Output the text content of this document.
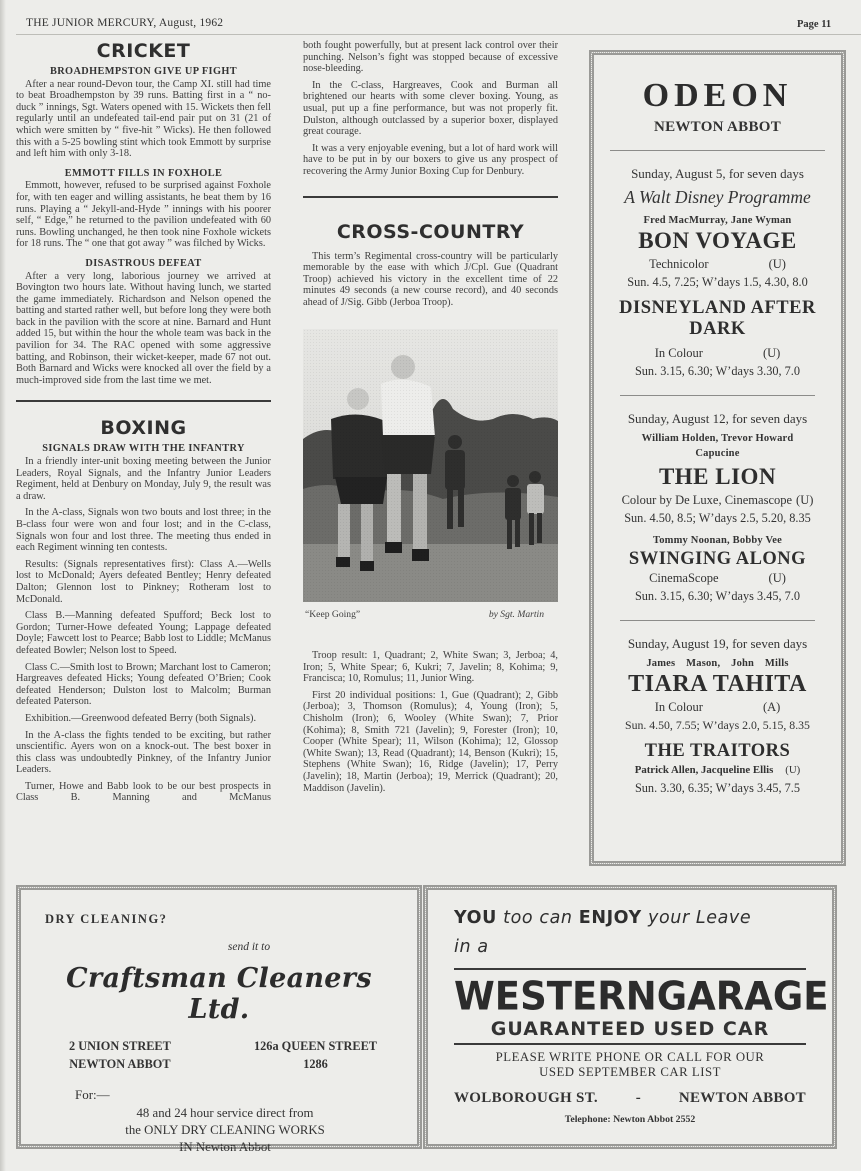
THE JUNIOR MERCURY, August, 1962	Page 11
CRICKET
BROADHEMPSTON GIVE UP FIGHT

After a near round-Devon tour, the Camp XI. still had time to beat Broadhempston by 39 runs. Batting first in a “ no-duck ” innings, Sgt. Waters opened with 15. Wickets then fell regularly until an undefeated tail-end pair put on 31 (21 of which were smitten by “ five-hit ” Wicks). He then followed this with a 5-25 bowling stint which took Emmott by surprise and left him with only 3-18.

EMMOTT FILLS IN FOXHOLE

Emmott, however, refused to be surprised against Foxhole for, with ten eager and willing assistants, he beat them by 16 runs. Playing a “ Jekyll-and-Hyde ” innings with his poorer self, “ Edge,” he returned to the pavilion undefeated with 60 runs. Bowling unchanged, he then took nine Foxhole wickets for 18 runs. The “ one that got away ” was filched by Wicks.

DISASTROUS DEFEAT

After a very long, laborious journey we arrived at Bovington two hours late. Without having lunch, we started the game immediately. Richardson and Nelson opened the batting and started rather well, but before long they were both back in the pavilion with the score at nine. Barnard and Hunt added 15, but within the hour the whole team was back in the pavilion for 34. The RAC opened with some aggressive batting, and Robinson, their wicket-keeper, made 67 not out. Both Barnard and Wicks were knocked all over the field by a much-improved side from the last time we met.

BOXING
SIGNALS DRAW WITH THE INFANTRY

In a friendly inter-unit boxing meeting between the Junior Leaders, Royal Signals, and the Infantry Junior Leaders Regiment, held at Denbury on Monday, July 9, the result was a draw.

In the A-class, Signals won two bouts and lost three; in the B-class four were won and four lost; and in the C-class, Signals won four and lost three. The meeting thus ended in each Regiment winning ten contests.

Results: (Signals representatives first): Class A.—Wells lost to McDonald; Ayers defeated Bentley; Henry defeated Dalton; Glennon lost to Pinkney; Rotheram lost to McDonald.

Class B.—Manning defeated Spufford; Beck lost to Gordon; Turner-Howe defeated Young; Lappage defeated Doyle; Fawcett lost to Pearce; Babb lost to Liddle; McManus defeated Bowler; Nelson lost to Speed.

Class C.—Smith lost to Brown; Marchant lost to Cameron; Hargreaves defeated Hicks; Young defeated O’Brien; Cook defeated Henderson; Dulston lost to Malcolm; Burman defeated Paterson.

Exhibition.—Greenwood defeated Berry (both Signals).

In the A-class the fights tended to be exciting, but rather unscientific. Ayers won on a knock-out. The best boxer in this class was undoubtedly Pinkney, of the Infantry Junior Leaders.

Turner, Howe and Babb look to be our best prospects in Class B. Manning and McManus

both fought powerfully, but at present lack control over their punching. Nelson’s fight was stopped because of excessive nose-bleeding.

In the C-class, Hargreaves, Cook and Burman all brightened our hearts with some clever boxing. Young, as usual, put up a fine performance, but was not properly fit. Dulston, although outclassed by a superior boxer, displayed great courage.

It was a very enjoyable evening, but a lot of hard work will have to be put in by our boxers to give us any prospect of recovering the Army Junior Boxing Cup for Denbury.

CROSS-COUNTRY

This term’s Regimental cross-country will be particularly memorable by the ease with which J/Cpl. Gue (Quadrant Troop) achieved his victory in the excellent time of 22 minutes 49 seconds (a new course record), and 40 seconds ahead of J/Sig. Gibb (Jerboa Troop).

“Keep Going”	by Sgt. Martin

Troop result: 1, Quadrant; 2, White Swan; 3, Jerboa; 4, Iron; 5, White Spear; 6, Kukri; 7, Javelin; 8, Kohima; 9, Francisca; 10, Romulus; 11, Junior Wing.

First 20 individual positions: 1, Gue (Quadrant); 2, Gibb (Jerboa); 3, Thomson (Romulus); 4, Young (Iron); 5, Chisholm (Iron); 6, Wooley (White Swan); 7, Prior (Kohima); 8, Smith 721 (Javelin); 9, Forester (Iron); 10, Cooper (White Spear); 11, Wilson (Kohima); 12, Glossop (White Swan); 13, Read (Quadrant); 14, Benson (Kukri); 15, Stephens (White Swan); 16, Ridge (Javelin); 17, Perry (Javelin); 18, Martin (Jerboa); 19, Merrick (Quadrant); 20, Maddison (Javelin).

ODEON
NEWTON ABBOT
Sunday, August 5, for seven days
A Walt Disney Programme
Fred MacMurray, Jane Wyman
BON VOYAGE
Technicolor	(U)
Sun. 4.5, 7.25; W’days 1.5, 4.30, 8.0
DISNEYLAND AFTER DARK
In Colour	(U)
Sun. 3.15, 6.30; W’days 3.30, 7.0
Sunday, August 12, for seven days
William Holden, Trevor Howard
Capucine
THE LION
Colour by De Luxe, Cinemascope (U)
Sun. 4.50, 8.5; W’days 2.5, 5.20, 8.35
Tommy Noonan, Bobby Vee
SWINGING ALONG
CinemaScope	(U)
Sun. 3.15, 6.30; W’days 3.45, 7.0
Sunday, August 19, for seven days
James Mason, John Mills
TIARA TAHITA
In Colour	(A)
Sun. 4.50, 7.55; W’days 2.0, 5.15, 8.35
THE TRAITORS
Patrick Allen, Jacqueline Ellis (U)
Sun. 3.30, 6.35; W’days 3.45, 7.5
DRY CLEANING?
send it to
Craftsman Cleaners Ltd.
2 UNION STREET
NEWTON ABBOT
126a QUEEN STREET
1286
For:—
48 and 24 hour service direct from
the ONLY DRY CLEANING WORKS
IN Newton Abbot
YOU too can ENJOY your Leave
in a
WESTERN GARAGE
GUARANTEED USED CAR
PLEASE WRITE PHONE OR CALL FOR OUR
USED SEPTEMBER CAR LIST
WOLBOROUGH ST.	-	NEWTON ABBOT
Telephone: Newton Abbot 2552
